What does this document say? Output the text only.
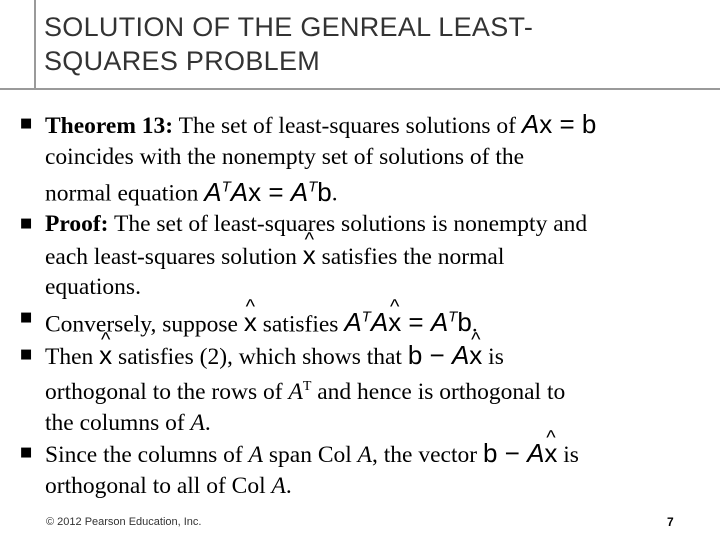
SOLUTION OF THE GENREAL LEAST-
SQUARES PROBLEM
■ Theorem 13: The set of least-squares solutions of Ax = b
coincides with the nonempty set of solutions of the
normal equation $A^TAx = A^Tb$.
■ Proof: The set of least-squares solutions is nonempty and
each least-squares solution ^ x satisfies the normal
equations.
■ Conversely, suppose ^ x satisfies $A^TA\^{}$ $x = A^Tb$.
■ Then ^ x satisfies (2), which shows that b − A^ x is
orthogonal to the rows of $A^T$ and hence is orthogonal to
the columns of A.
■ Since the columns of A span Col A, the vector b − A^ x is
orthogonal to all of Col A.
© 2012 Pearson Education, Inc.	7
